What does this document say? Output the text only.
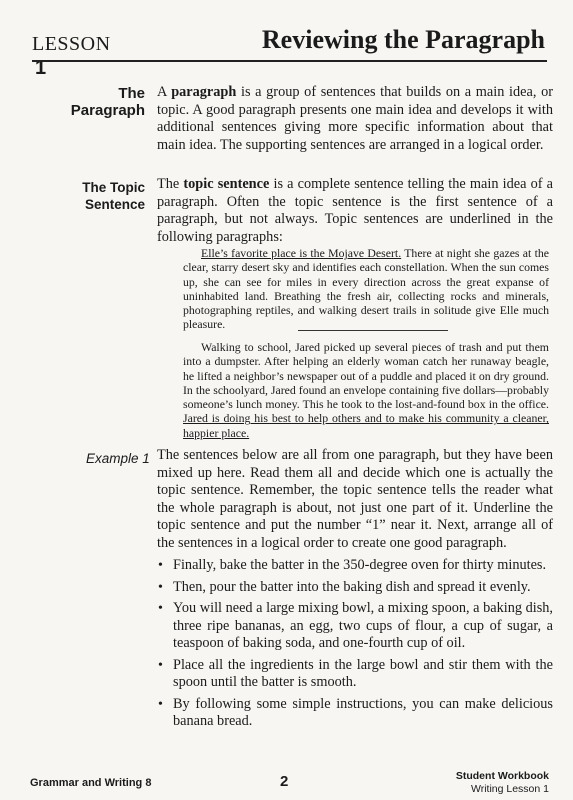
LESSON
1
Reviewing the Paragraph
The
Paragraph
A paragraph is a group of sentences that builds on a main idea, or topic. A good paragraph presents one main idea and develops it with additional sentences giving more specific information about that main idea. The supporting sentences are arranged in a logical order.
The Topic
Sentence
The topic sentence is a complete sentence telling the main idea of a paragraph. Often the topic sentence is the first sentence of a paragraph, but not always. Topic sentences are underlined in the following paragraphs:

Elle’s favorite place is the Mojave Desert. There at night she gazes at the clear, starry desert sky and identifies each constellation. When the sun comes up, she can see for miles in every direction across the great expanse of uninhabited land. Breathing the fresh air, collecting rocks and minerals, photographing reptiles, and walking desert trails in solitude give Elle much pleasure.

Walking to school, Jared picked up several pieces of trash and put them into a dumpster. After helping an elderly woman catch her runaway beagle, he lifted a neighbor’s newspaper out of a puddle and placed it on dry ground. In the schoolyard, Jared found an envelope containing five dollars—probably someone’s lunch money. This he took to the lost-and-found box in the office. Jared is doing his best to help others and to make his community a cleaner, happier place.

Example 1 The sentences below are all from one paragraph, but they have been mixed up here. Read them all and decide which one is actually the topic sentence. Remember, the topic sentence tells the reader what the whole paragraph is about, not just one part of it. Underline the topic sentence and put the number “1” near it. Next, arrange all of the sentences in a logical order to create one good paragraph.
• Finally, bake the batter in the 350-degree oven for thirty minutes.
• Then, pour the batter into the baking dish and spread it evenly.
• You will need a large mixing bowl, a mixing spoon, a baking dish, three ripe bananas, an egg, two cups of flour, a cup of sugar, a teaspoon of baking soda, and one-fourth cup of oil.
• Place all the ingredients in the large bowl and stir them with the spoon until the batter is smooth.
• By following some simple instructions, you can make delicious banana bread.
Grammar and Writing 8	2	Student Workbook
Writing Lesson 1
